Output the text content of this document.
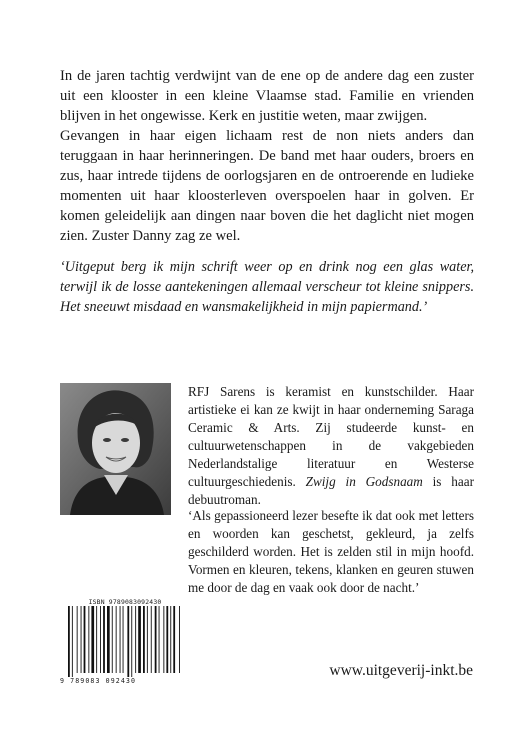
In de jaren tachtig verdwijnt van de ene op de andere dag een zuster uit een klooster in een kleine Vlaamse stad. Familie en vrienden blijven in het ongewisse. Kerk en justitie weten, maar zwijgen.

Gevangen in haar eigen lichaam rest de non niets anders dan teruggaan in haar herinneringen. De band met haar ouders, broers en zus, haar intrede tijdens de oorlogsjaren en de ontroerende en ludieke momenten uit haar kloosterleven overspoelen haar in golven. Er komen geleidelijk aan dingen naar boven die het daglicht niet mogen zien. Zuster Danny zag ze wel.

‘Uitgeput berg ik mijn schrift weer op en drink nog een glas water, terwijl ik de losse aantekeningen allemaal verscheur tot kleine snippers. Het sneeuwt misdaad en wansmakelijkheid in mijn papiermand.’
RFJ Sarens is keramist en kunstschilder. Haar artistieke ei kan ze kwijt in haar onderneming Saraga Ceramic & Arts. Zij studeerde kunst- en cultuurwetenschappen in de vakgebieden Nederlandstalige literatuur en Westerse cultuurgeschiedenis. Zwijg in Godsnaam is haar debuutroman.
‘Als gepassioneerd lezer besefte ik dat ook met letters en woorden kan geschetst, gekleurd, ja zelfs geschilderd worden. Het is zelden stil in mijn hoofd. Vormen en kleuren, tekens, klanken en geuren stuwen me door de dag en vaak ook door de nacht.’
ISBN 9789083092430
9 789083 092430
www.uitgeverij-inkt.be
